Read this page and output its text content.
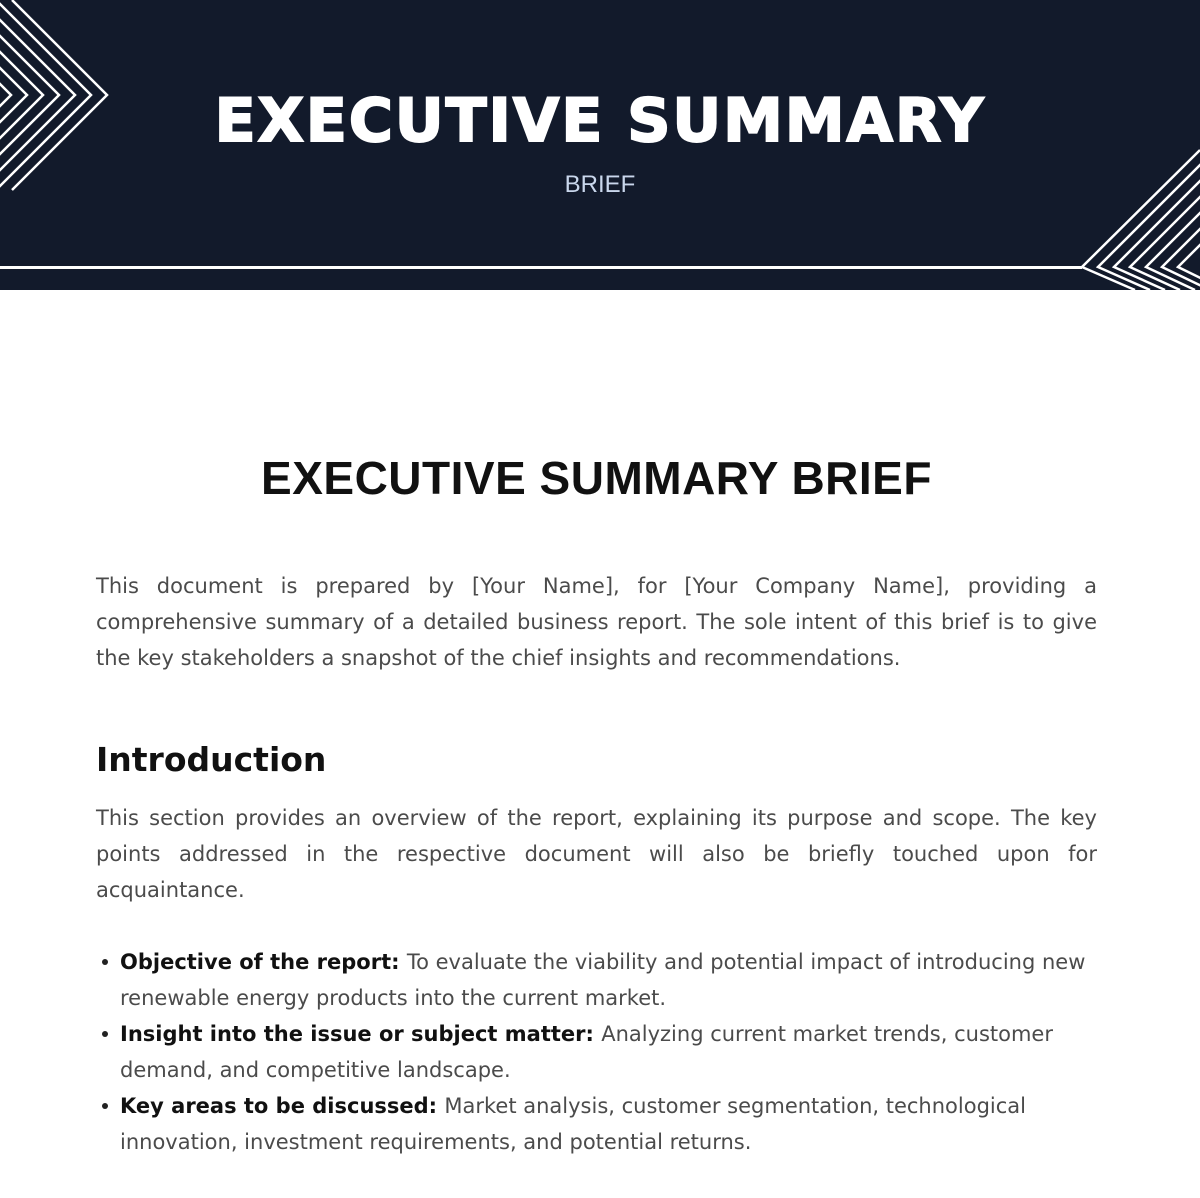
EXECUTIVE SUMMARY
BRIEF
EXECUTIVE SUMMARY BRIEF

This document is prepared by [Your Name], for [Your Company Name], providing a comprehensive summary of a detailed business report. The sole intent of this brief is to give the key stakeholders a snapshot of the chief insights and recommendations.

Introduction

This section provides an overview of the report, explaining its purpose and scope. The key points addressed in the respective document will also be briefly touched upon for acquaintance.

Objective of the report: To evaluate the viability and potential impact of introducing new renewable energy products into the current market.
Insight into the issue or subject matter: Analyzing current market trends, customer demand, and competitive landscape.
Key areas to be discussed: Market analysis, customer segmentation, technological innovation, investment requirements, and potential returns.
